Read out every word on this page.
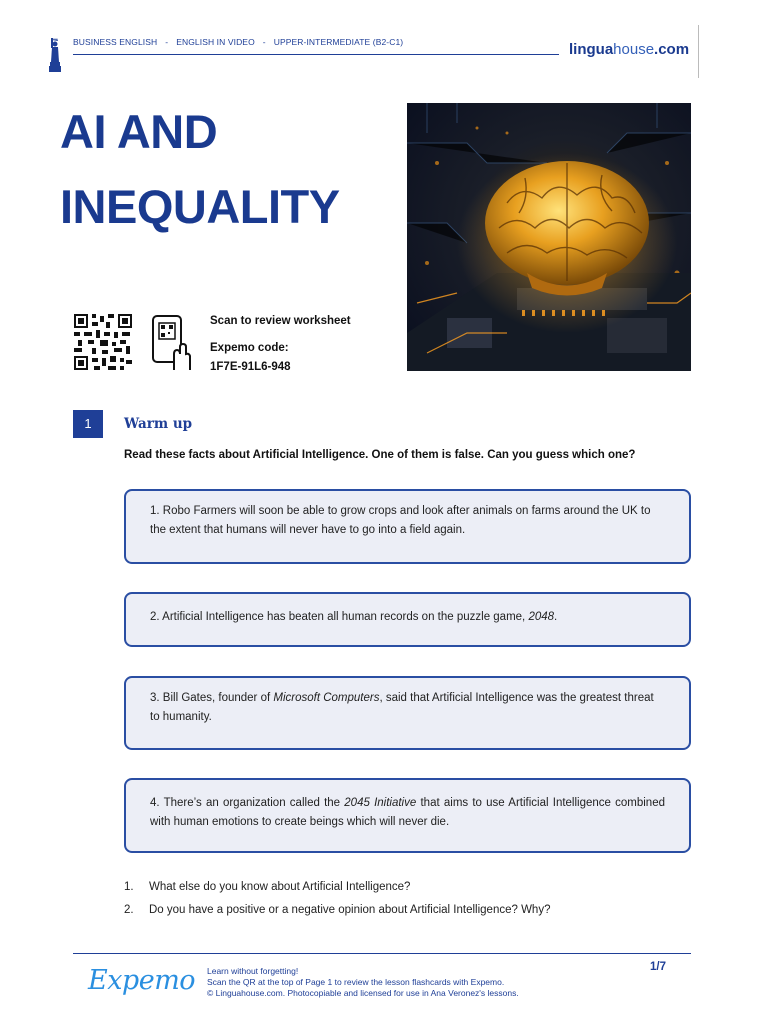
BUSINESS ENGLISH - ENGLISH IN VIDEO - UPPER-INTERMEDIATE (B2-C1)	linguahouse.com
AI AND INEQUALITY
Scan to review worksheet
Expemo code:
1F7E-91L6-948
1	Warm up
Read these facts about Artificial Intelligence. One of them is false. Can you guess which one?
1. Robo Farmers will soon be able to grow crops and look after animals on farms around the UK to the extent that humans will never have to go into a field again.
2. Artificial Intelligence has beaten all human records on the puzzle game, 2048.
3. Bill Gates, founder of Microsoft Computers, said that Artificial Intelligence was the greatest threat to humanity.
4. There’s an organization called the 2045 Initiative that aims to use Artificial Intelligence combined with human emotions to create beings which will never die.
1. What else do you know about Artificial Intelligence?
2. Do you have a positive or a negative opinion about Artificial Intelligence? Why?
Expemo Learn without forgetting!
Scan the QR at the top of Page 1 to review the lesson flashcards with Expemo.
© Linguahouse.com. Photocopiable and licensed for use in Ana Veronez's lessons.
1/7
